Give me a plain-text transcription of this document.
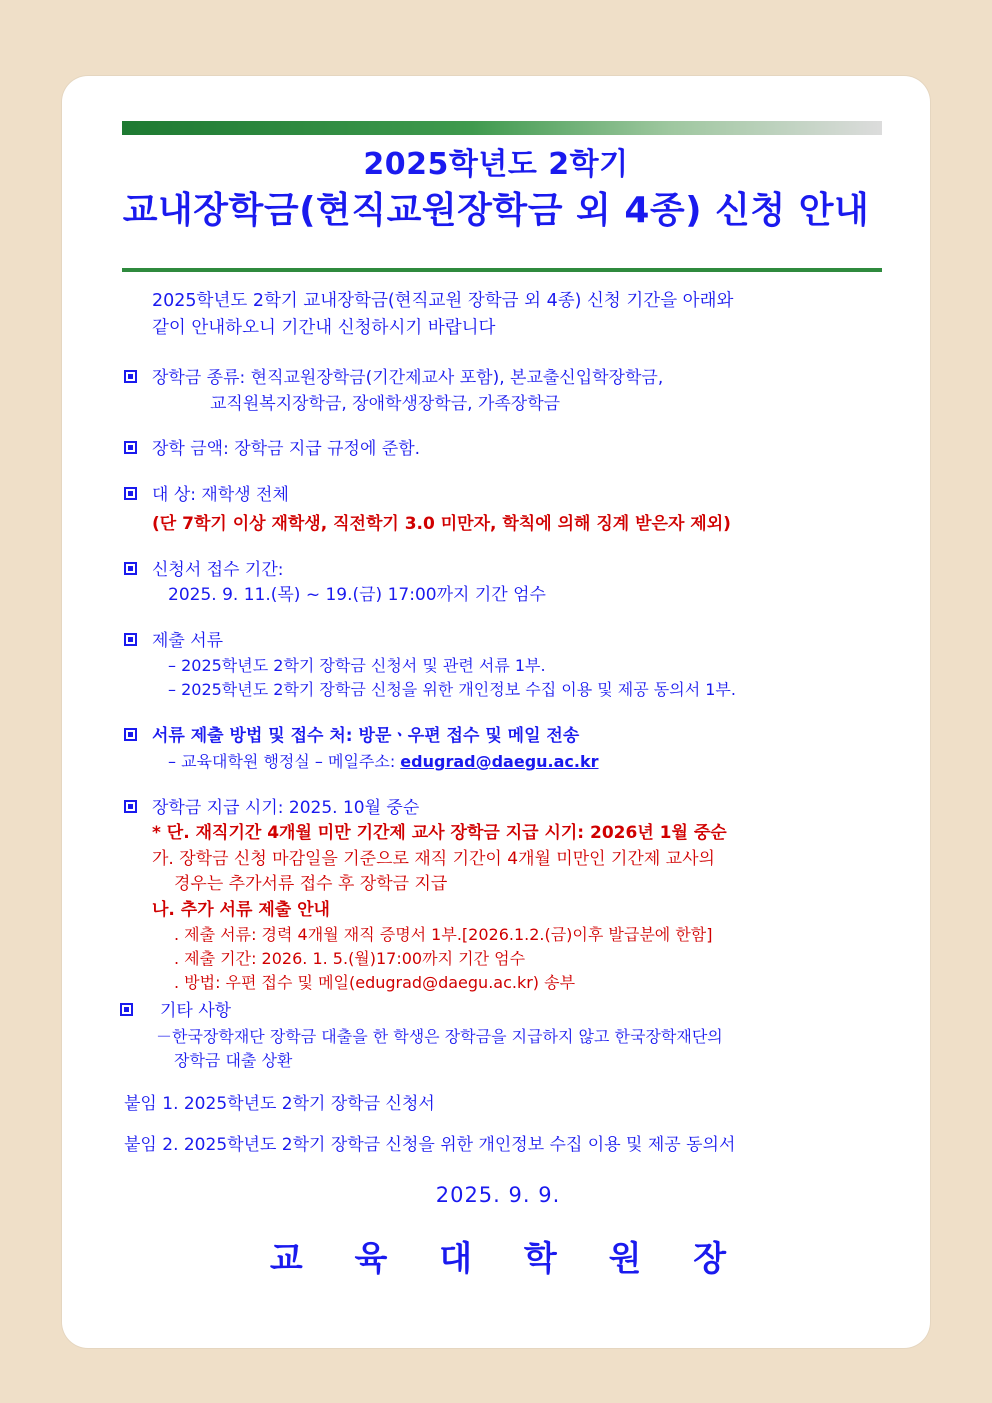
2025학년도 2학기
교내장학금(현직교원장학금 외 4종) 신청 안내
2025학년도 2학기 교내장학금(현직교원 장학금 외 4종) 신청 기간을 아래와
같이 안내하오니 기간내 신청하시기 바랍니다
장학금 종류: 현직교원장학금(기간제교사 포함), 본교출신입학장학금,
교직원복지장학금, 장애학생장학금, 가족장학금
장학 금액: 장학금 지급 규정에 준함.
대 상: 재학생 전체
(단 7학기 이상 재학생, 직전학기 3.0 미만자, 학칙에 의해 징계 받은자 제외)
신청서 접수 기간:
2025. 9. 11.(목) ~ 19.(금) 17:00까지 기간 엄수
제출 서류
– 2025학년도 2학기 장학금 신청서 및 관련 서류 1부.
– 2025학년도 2학기 장학금 신청을 위한 개인정보 수집 이용 및 제공 동의서 1부.
서류 제출 방법 및 접수 처: 방문ㆍ우편 접수 및 메일 전송
– 교육대학원 행정실 – 메일주소: edugrad@daegu.ac.kr
장학금 지급 시기: 2025. 10월 중순
* 단. 재직기간 4개월 미만 기간제 교사 장학금 지급 시기: 2026년 1월 중순
가. 장학금 신청 마감일을 기준으로 재직 기간이 4개월 미만인 기간제 교사의
경우는 추가서류 접수 후 장학금 지급
나. 추가 서류 제출 안내
. 제출 서류: 경력 4개월 재직 증명서 1부.[2026.1.2.(금)이후 발급분에 한함]
. 제출 기간: 2026. 1. 5.(월)17:00까지 기간 엄수
. 방법: 우편 접수 및 메일(edugrad@daegu.ac.kr) 송부
기타 사항
－한국장학재단 장학금 대출을 한 학생은 장학금을 지급하지 않고 한국장학재단의
장학금 대출 상환
붙임 1. 2025학년도 2학기 장학금 신청서
붙임 2. 2025학년도 2학기 장학금 신청을 위한 개인정보 수집 이용 및 제공 동의서
2025. 9. 9.
교 육 대 학 원 장
